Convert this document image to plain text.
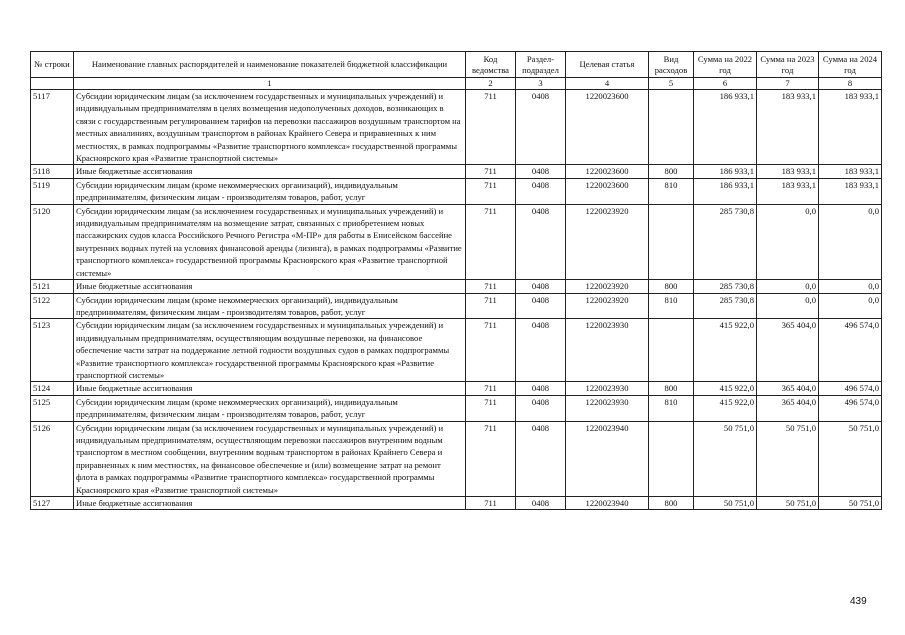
№ строки	Наименование главных распорядителей и наименование показателей бюджетной классификации	Код ведомства	Раздел-подраздел	Целевая статья	Вид расходов	Сумма на 2022 год	Сумма на 2023 год	Сумма на 2024 год
	1	2	3	4	5	6	7	8
5117	Субсидии юридическим лицам (за исключением государственных и муниципальных учреждений) и индивидуальным предпринимателям в целях возмещения недополученных доходов, возникающих в связи с государственным регулированием тарифов на перевозки пассажиров воздушным транспортом на местных авиалиниях, воздушным транспортом в районах Крайнего Севера и приравненных к ним местностях, в рамках подпрограммы «Развитие транспортного комплекса» государственной программы Красноярского края «Развитие транспортной системы»	711	0408	1220023600		186 933,1	183 933,1	183 933,1
5118	Иные бюджетные ассигнования	711	0408	1220023600	800	186 933,1	183 933,1	183 933,1
5119	Субсидии юридическим лицам (кроме некоммерческих организаций), индивидуальным предпринимателям, физическим лицам - производителям товаров, работ, услуг	711	0408	1220023600	810	186 933,1	183 933,1	183 933,1
5120	Субсидии юридическим лицам (за исключением государственных и муниципальных учреждений) и индивидуальным предпринимателям на возмещение затрат, связанных с приобретением новых пассажирских судов класса Российского Речного Регистра «М-ПР» для работы в Енисейском бассейне внутренних водных путей на условиях финансовой аренды (лизинга), в рамках подпрограммы «Развитие транспортного комплекса» государственной программы Красноярского края «Развитие транспортной системы»	711	0408	1220023920		285 730,8	0,0	0,0
5121	Иные бюджетные ассигнования	711	0408	1220023920	800	285 730,8	0,0	0,0
5122	Субсидии юридическим лицам (кроме некоммерческих организаций), индивидуальным предпринимателям, физическим лицам - производителям товаров, работ, услуг	711	0408	1220023920	810	285 730,8	0,0	0,0
5123	Субсидии юридическим лицам (за исключением государственных и муниципальных учреждений) и индивидуальным предпринимателям, осуществляющим воздушные перевозки, на финансовое обеспечение части затрат на поддержание летной годности воздушных судов в рамках подпрограммы «Развитие транспортного комплекса» государственной программы Красноярского края «Развитие транспортной системы»	711	0408	1220023930		415 922,0	365 404,0	496 574,0
5124	Иные бюджетные ассигнования	711	0408	1220023930	800	415 922,0	365 404,0	496 574,0
5125	Субсидии юридическим лицам (кроме некоммерческих организаций), индивидуальным предпринимателям, физическим лицам - производителям товаров, работ, услуг	711	0408	1220023930	810	415 922,0	365 404,0	496 574,0
5126	Субсидии юридическим лицам (за исключением государственных и муниципальных учреждений) и индивидуальным предпринимателям, осуществляющим перевозки пассажиров внутренним водным транспортом в местном сообщении, внутренним водным транспортом в районах Крайнего Севера и приравненных к ним местностях, на финансовое обеспечение и (или) возмещение затрат на ремонт флота в рамках подпрограммы «Развитие транспортного комплекса» государственной программы Красноярского края «Развитие транспортной системы»	711	0408	1220023940		50 751,0	50 751,0	50 751,0
5127	Иные бюджетные ассигнования	711	0408	1220023940	800	50 751,0	50 751,0	50 751,0
439
